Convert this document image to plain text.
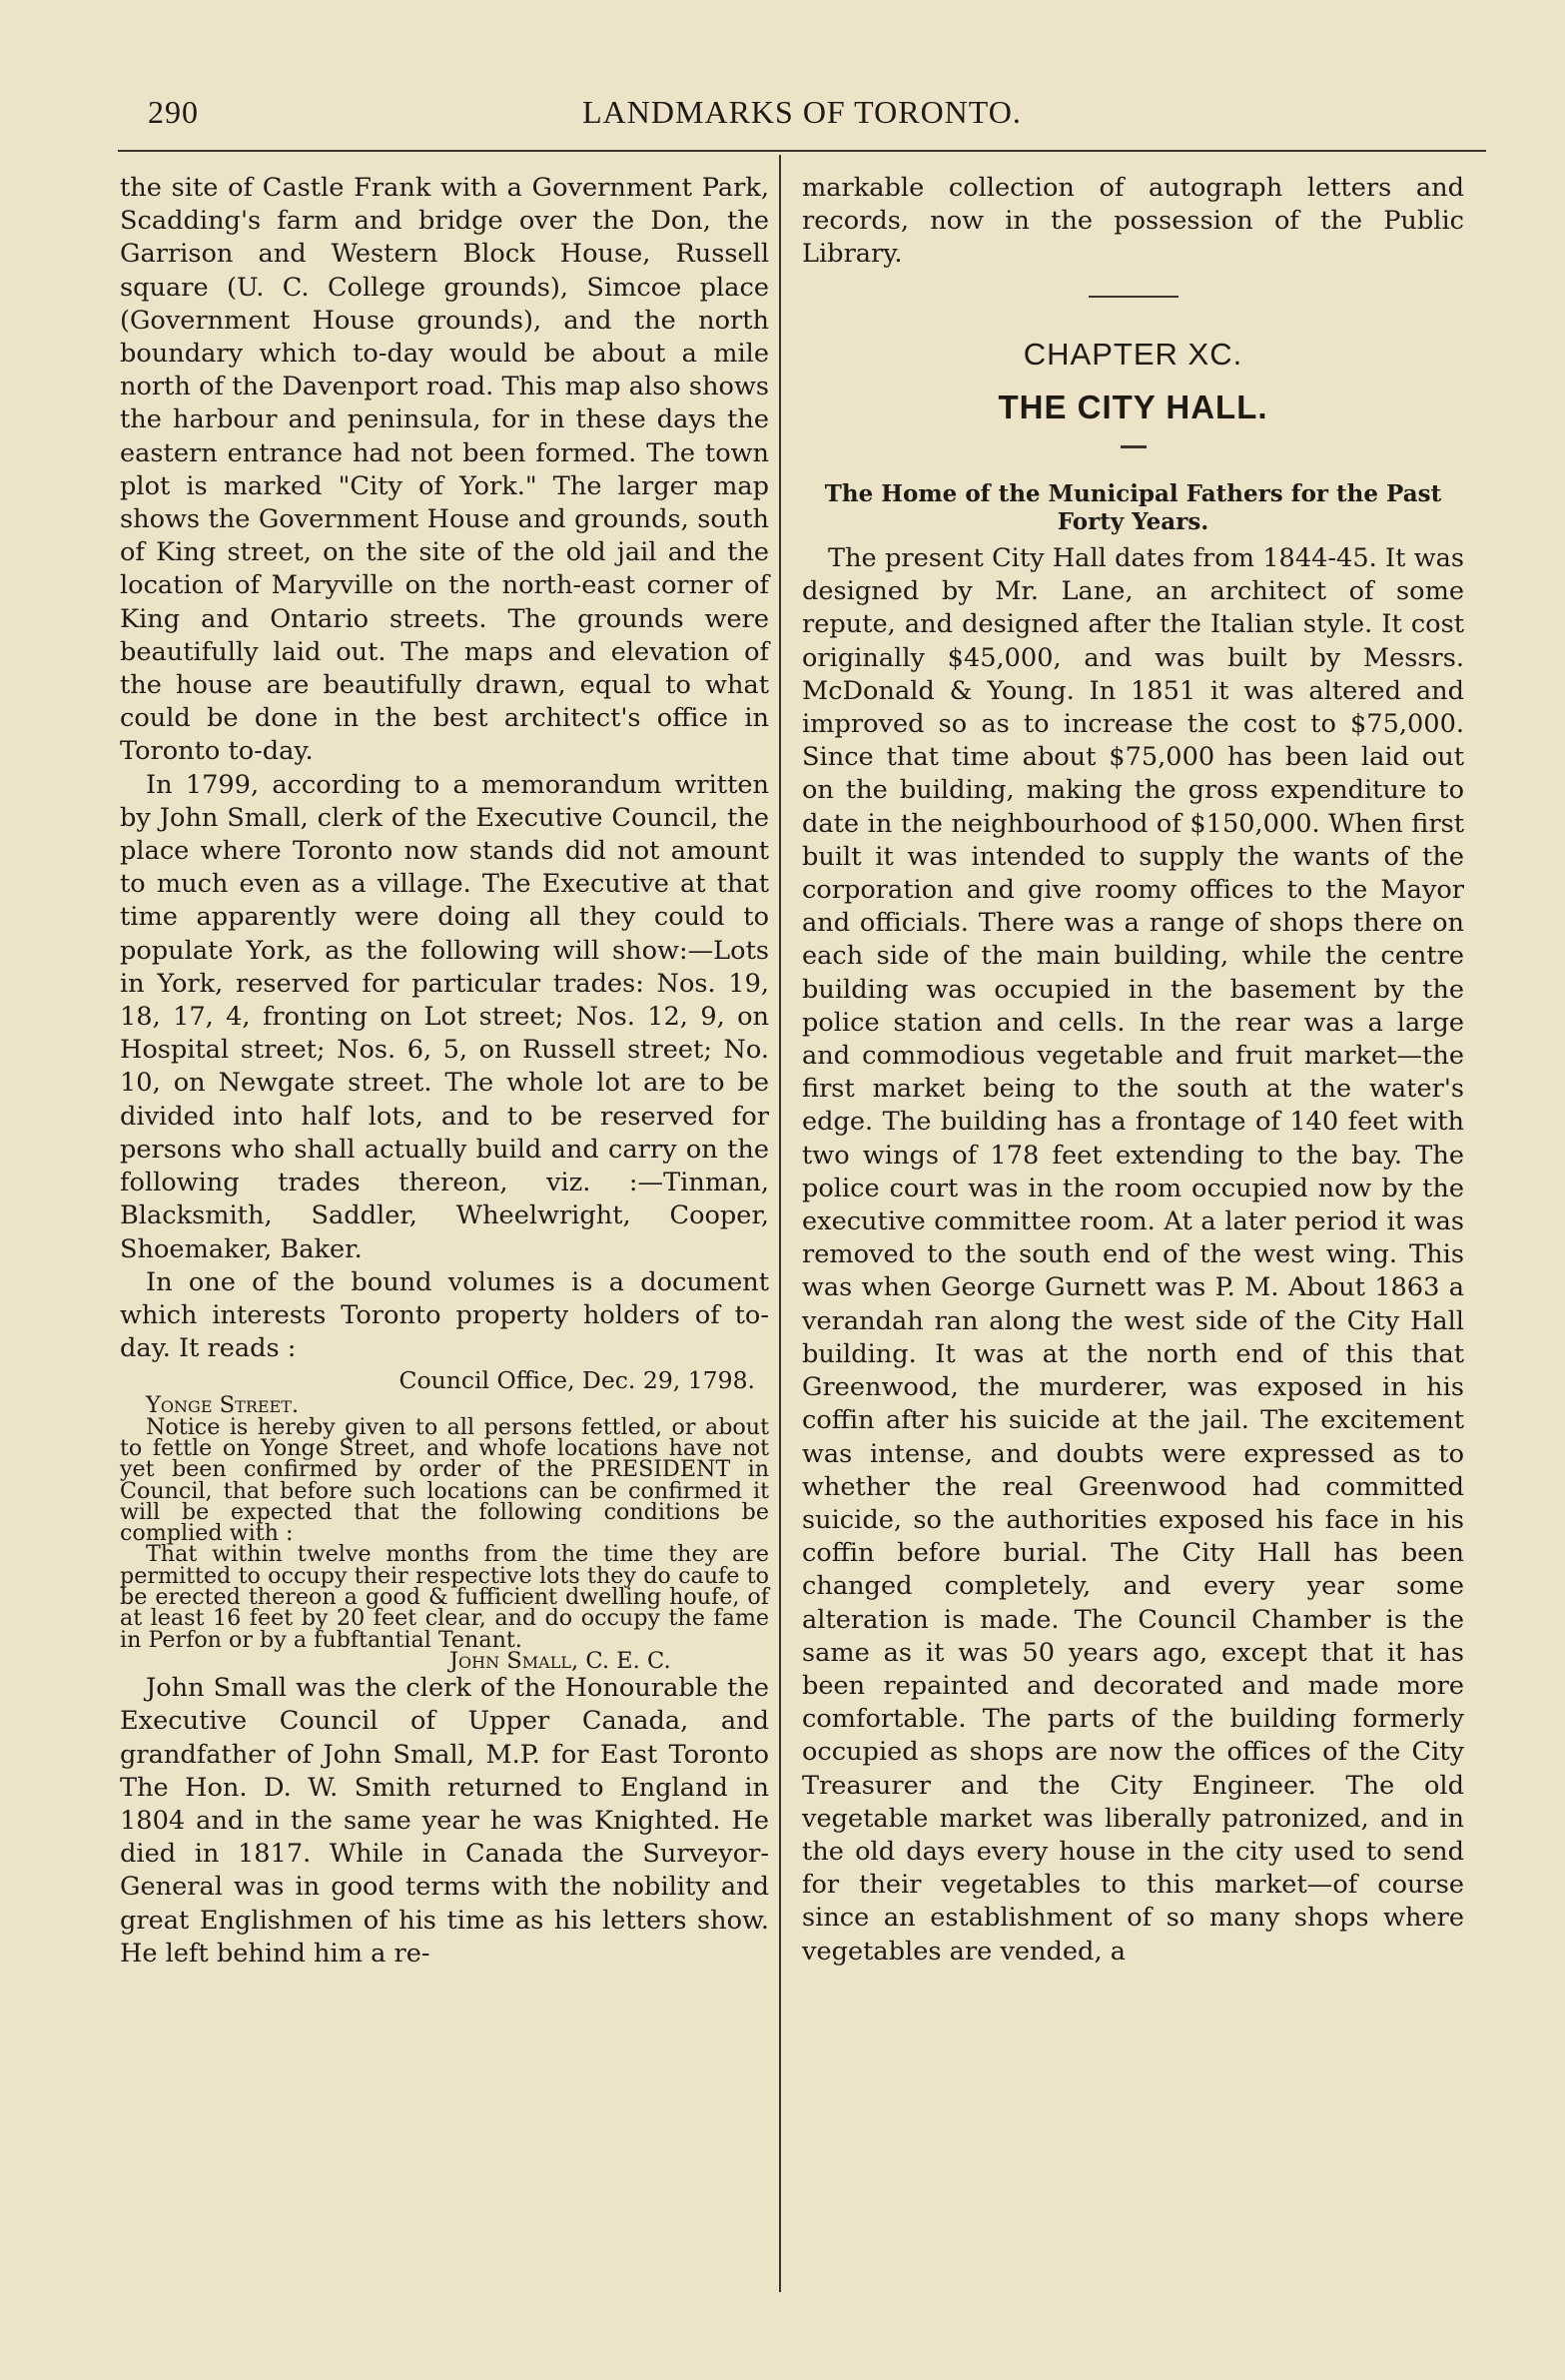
290	LANDMARKS OF TORONTO.

the site of Castle Frank with a Government Park, Scadding's farm and bridge over the Don, the Garrison and Western Block House, Russell square (U. C. College grounds), Simcoe place (Government House grounds), and the north boundary which to-day would be about a mile north of the Davenport road. This map also shows the harbour and peninsula, for in these days the eastern entrance had not been formed. The town plot is marked "City of York." The larger map shows the Government House and grounds, south of King street, on the site of the old jail and the location of Maryville on the north-east corner of King and Ontario streets. The grounds were beautifully laid out. The maps and elevation of the house are beautifully drawn, equal to what could be done in the best architect's office in Toronto to-day.

In 1799, according to a memorandum written by John Small, clerk of the Executive Council, the place where Toronto now stands did not amount to much even as a village. The Executive at that time apparently were doing all they could to populate York, as the following will show:—Lots in York, reserved for particular trades: Nos. 19, 18, 17, 4, fronting on Lot street; Nos. 12, 9, on Hospital street; Nos. 6, 5, on Russell street; No. 10, on Newgate street. The whole lot are to be divided into half lots, and to be reserved for persons who shall actually build and carry on the following trades thereon, viz. :—Tinman, Blacksmith, Saddler, Wheelwright, Cooper, Shoemaker, Baker.

In one of the bound volumes is a document which interests Toronto property holders of to-day. It reads :

Council Office, Dec. 29, 1798.
Yonge Street.

Notice is hereby given to all persons fettled, or about to fettle on Yonge Street, and whofe locations have not yet been confirmed by order of the PRESIDENT in Council, that before such locations can be confirmed it will be expected that the following conditions be complied with :

That within twelve months from the time they are permitted to occupy their respective lots they do caufe to be erected thereon a good & fufficient dwelling houfe, of at least 16 feet by 20 feet clear, and do occupy the fame in Perfon or by a fubftantial Tenant.

John Small, C. E. C.

John Small was the clerk of the Honourable the Executive Council of Upper Canada, and grandfather of John Small, M.P. for East Toronto The Hon. D. W. Smith returned to England in 1804 and in the same year he was Knighted. He died in 1817. While in Canada the Surveyor-General was in good terms with the nobility and great Englishmen of his time as his letters show. He left behind him a re-

markable collection of autograph letters and records, now in the possession of the Public Library.

CHAPTER XC.
THE CITY HALL.
The Home of the Municipal Fathers for the Past Forty Years.

The present City Hall dates from 1844-45. It was designed by Mr. Lane, an architect of some repute, and designed after the Italian style. It cost originally $45,000, and was built by Messrs. McDonald & Young. In 1851 it was altered and improved so as to increase the cost to $75,000. Since that time about $75,000 has been laid out on the building, making the gross expenditure to date in the neighbourhood of $150,000. When first built it was intended to supply the wants of the corporation and give roomy offices to the Mayor and officials. There was a range of shops there on each side of the main building, while the centre building was occupied in the basement by the police station and cells. In the rear was a large and commodious vegetable and fruit market—the first market being to the south at the water's edge. The building has a frontage of 140 feet with two wings of 178 feet extending to the bay. The police court was in the room occupied now by the executive committee room. At a later period it was removed to the south end of the west wing. This was when George Gurnett was P. M. About 1863 a verandah ran along the west side of the City Hall building. It was at the north end of this that Greenwood, the murderer, was exposed in his coffin after his suicide at the jail. The excitement was intense, and doubts were expressed as to whether the real Greenwood had committed suicide, so the authorities exposed his face in his coffin before burial. The City Hall has been changed completely, and every year some alteration is made. The Council Chamber is the same as it was 50 years ago, except that it has been repainted and decorated and made more comfortable. The parts of the building formerly occupied as shops are now the offices of the City Treasurer and the City Engineer. The old vegetable market was liberally patronized, and in the old days every house in the city used to send for their vegetables to this market—of course since an establishment of so many shops where vegetables are vended, a
